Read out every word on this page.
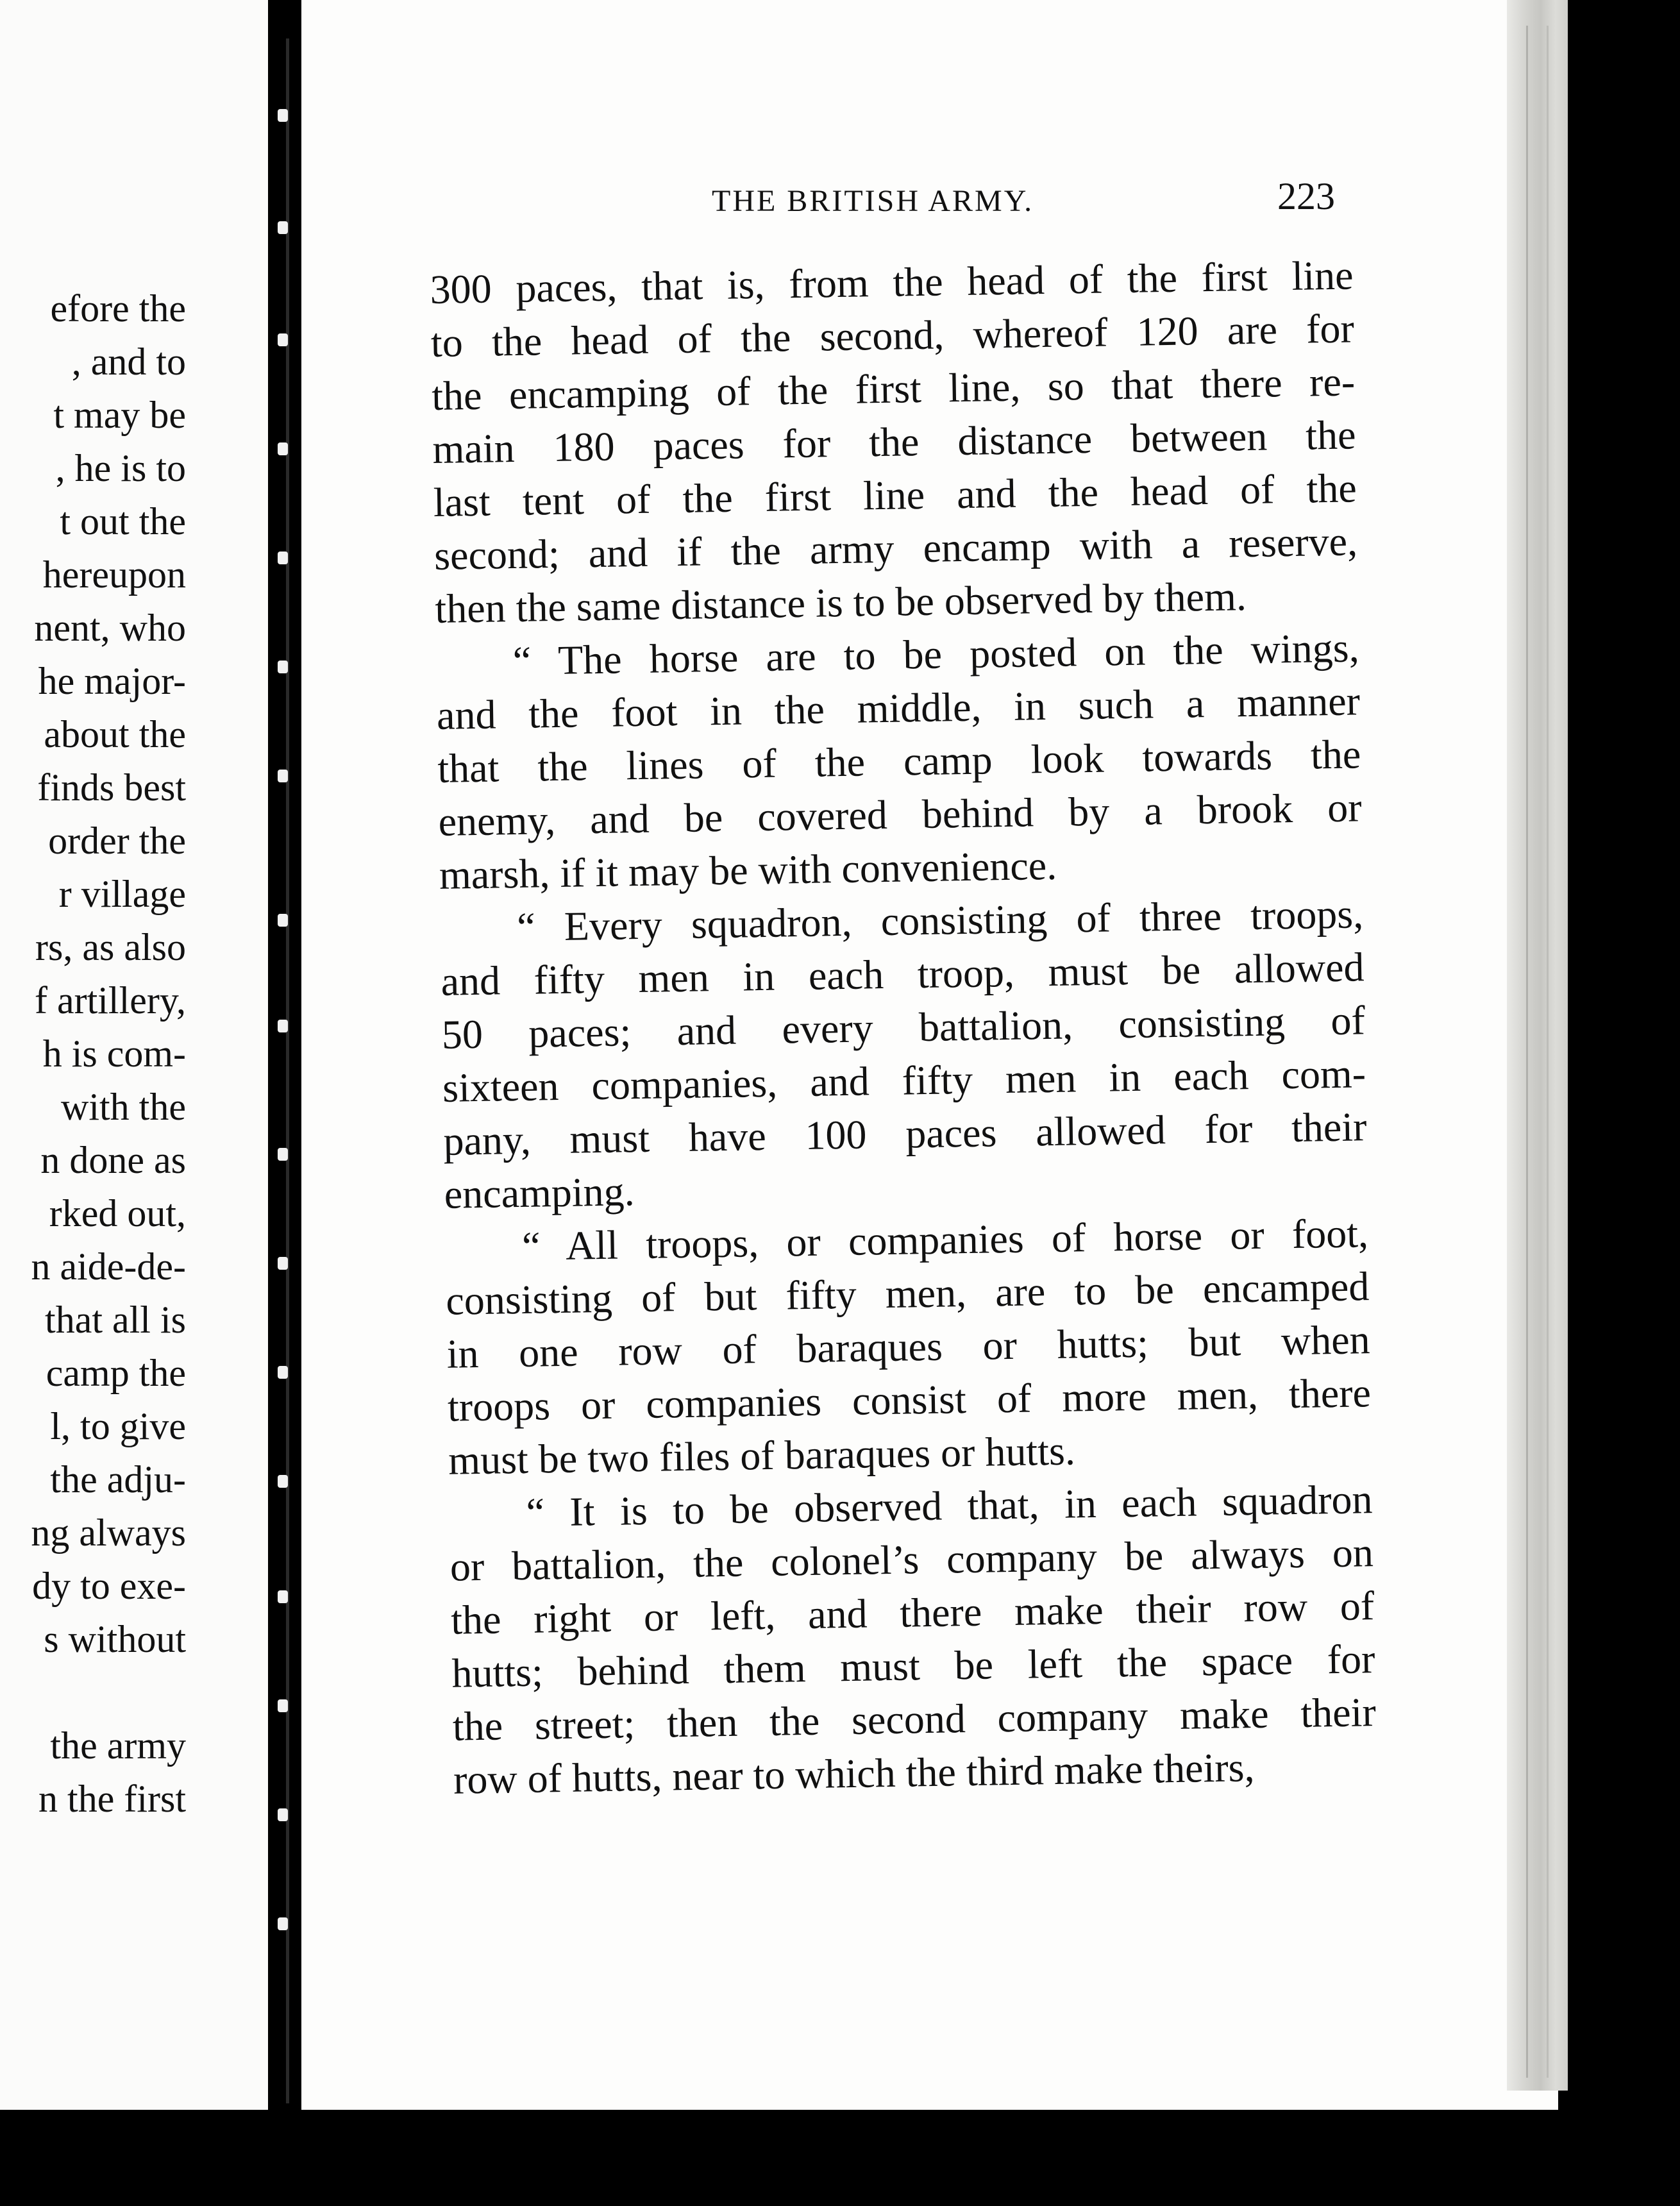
efore the
, and to
t may be
, he is to
t out the
hereupon
nent, who
he major-
about the
finds best
order the
r village
rs, as also
f artillery,
h is com-
with the
n done as
rked out,
n aide-de-
that all is
camp the
l, to give
the adju-
ng always
dy to exe-
s without
the army
n the first
THE BRITISH ARMY.	223
300 paces, that is, from the head of the first line
to the head of the second, whereof 120 are for
the encamping of the first line, so that there re-
main 180 paces for the distance between the
last tent of the first line and the head of the
second; and if the army encamp with a reserve,
then the same distance is to be observed by them.
“ The horse are to be posted on the wings,
and the foot in the middle, in such a manner
that the lines of the camp look towards the
enemy, and be covered behind by a brook or
marsh, if it may be with convenience.
“ Every squadron, consisting of three troops,
and fifty men in each troop, must be allowed
50 paces; and every battalion, consisting of
sixteen companies, and fifty men in each com-
pany, must have 100 paces allowed for their
encamping.
“ All troops, or companies of horse or foot,
consisting of but fifty men, are to be encamped
in one row of baraques or hutts; but when
troops or companies consist of more men, there
must be two files of baraques or hutts.
“ It is to be observed that, in each squadron
or battalion, the colonel’s company be always on
the right or left, and there make their row of
hutts; behind them must be left the space for
the street; then the second company make their
row of hutts, near to which the third make theirs,
